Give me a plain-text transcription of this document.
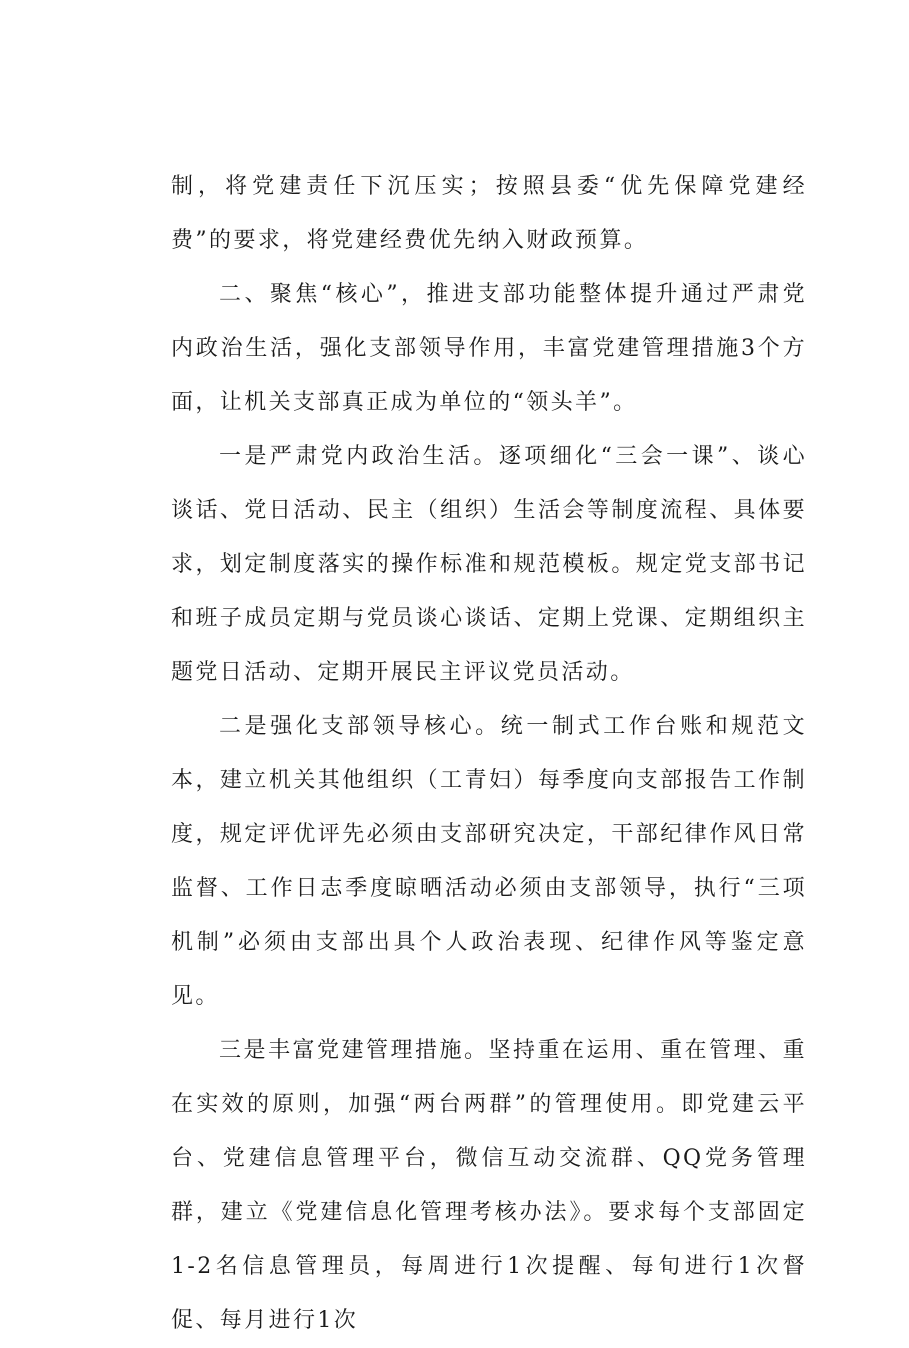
制，将党建责任下沉压实；按照县委“优先保障党建经费”的要求，将党建经费优先纳入财政预算。

二、聚焦“核心”，推进支部功能整体提升通过严肃党内政治生活，强化支部领导作用，丰富党建管理措施3个方面，让机关支部真正成为单位的“领头羊”。

一是严肃党内政治生活。逐项细化“三会一课”、谈心谈话、党日活动、民主（组织）生活会等制度流程、具体要求，划定制度落实的操作标准和规范模板。规定党支部书记和班子成员定期与党员谈心谈话、定期上党课、定期组织主题党日活动、定期开展民主评议党员活动。

二是强化支部领导核心。统一制式工作台账和规范文本，建立机关其他组织（工青妇）每季度向支部报告工作制度，规定评优评先必须由支部研究决定，干部纪律作风日常监督、工作日志季度晾晒活动必须由支部领导，执行“三项机制”必须由支部出具个人政治表现、纪律作风等鉴定意见。

三是丰富党建管理措施。坚持重在运用、重在管理、重在实效的原则，加强“两台两群”的管理使用。即党建云平台、党建信息管理平台，微信互动交流群、QQ党务管理群，建立《党建信息化管理考核办法》。要求每个支部固定1-2名信息管理员，每周进行1次提醒、每旬进行1次督促、每月进行1次
